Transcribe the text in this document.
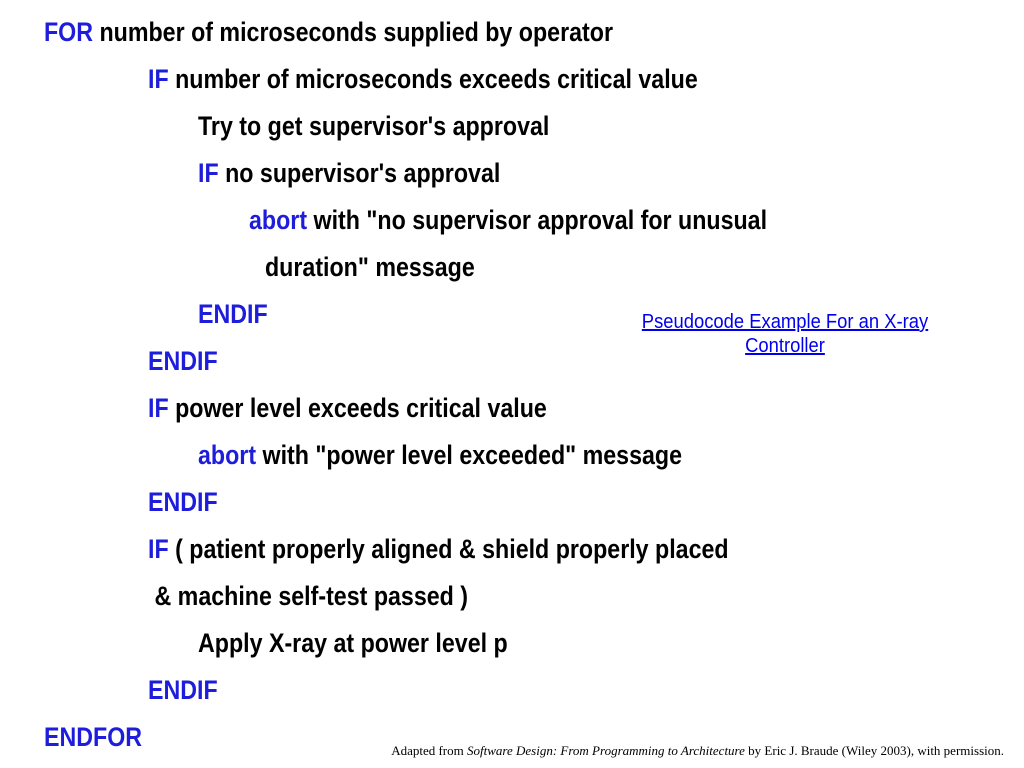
FOR number of microseconds supplied by operator
IF number of microseconds exceeds critical value
Try to get supervisor's approval
IF no supervisor's approval
abort with "no supervisor approval for unusual
duration" message
ENDIF
ENDIF
IF power level exceeds critical value
abort with "power level exceeded" message
ENDIF
IF ( patient properly aligned & shield properly placed
& machine self-test passed )
Apply X-ray at power level p
ENDIF
ENDFOR
Pseudocode Example For an X-ray
Controller
Adapted from Software Design: From Programming to Architecture by Eric J. Braude (Wiley 2003), with permission.
